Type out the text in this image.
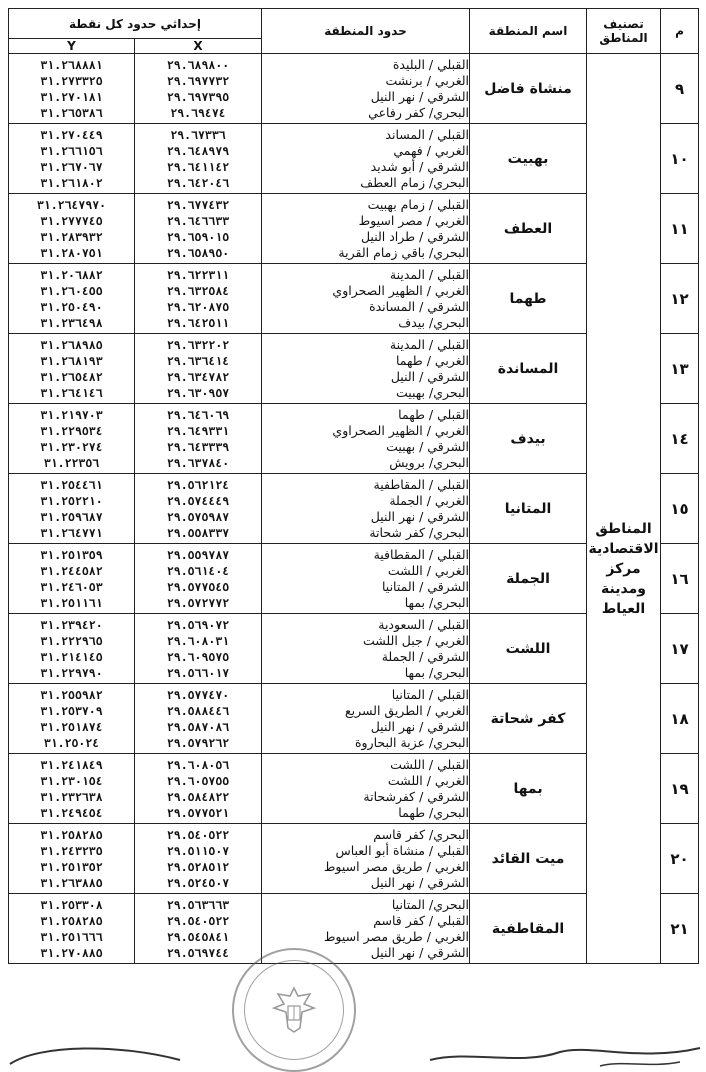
م	تصنيف المناطق	اسم المنطقة	حدود المنطقة	إحداثي حدود كل نقطة	
				X	Y
٩	المناطق الاقتصادية مركز ومدينة العياط	منشاة فاضل	القبلي / البليدة
الغربي / برنشت
الشرقي / نهر النيل
البحري/ كفر رفاعي	٢٩.٦٨٩٨٠٠
٢٩.٦٩٧٧٣٢
٢٩.٦٩٧٣٩٥
٢٩.٦٩٤٧٤	٣١.٢٦٨٨٨١
٣١.٢٧٣٣٢٥
٣١.٢٧٠١٨١
٣١.٢٦٥٣٨٦

١٠		بهبيت	القبلي / المساند
الغربي / فهمي
الشرقي / أبو شديد
البحري/ زمام العطف	٢٩.٦٧٣٣٦
٢٩.٦٤٨٩٧٩
٢٩.٦٤١١٤٢
٢٩.٦٤٢٠٤٦	٣١.٢٧٠٤٤٩
٣١.٢٦٦١٥٦
٣١.٢٦٧٠٦٧
٣١.٢٦١٨٠٢

١١		العطف	القبلي / زمام بهبيت
الغربي / مصر اسيوط
الشرقي / طراد النيل
البحري/ باقي زمام القرية	٢٩.٦٧٧٤٣٢
٢٩.٦٤٦٦٣٣
٢٩.٦٥٩٠١٥
٢٩.٦٥٨٩٥٠	٣١.٢٦٤٧٩٧٠
٣١.٢٧٧٧٤٥
٣١.٢٨٣٩٣٢
٣١.٢٨٠٧٥١

١٢		طهما	القبلي / المدينة
الغربي / الظهير الصحراوي
الشرقي / المساندة
البحري/ بيدف	٢٩.٦٢٢٣١١
٢٩.٦٣٢٥٨٤
٢٩.٦٢٠٨٧٥
٢٩.٦٤٢٥١١	٣١.٢٠٦٨٨٢
٣١.٢٦٠٤٥٥
٣١.٢٥٠٤٩٠
٣١.٢٣٦٤٩٨

١٣		المساندة	القبلي / المدينة
الغربي / طهما
الشرقي / النيل
البحري/ بهبيت	٢٩.٦٣٢٢٠٢
٢٩.٦٣٦٤١٤
٢٩.٦٣٤٧٨٢
٢٩.٦٣٠٩٥٧	٣١.٢٦٨٩٨٥
٣١.٢٦٨١٩٣
٣١.٢٦٥٤٨٢
٣١.٢٦٤١٤٦

١٤		بيدف	القبلي / طهما
الغربي / الظهير الصحراوي
الشرقي / بهبيت
البحري/ برويش	٢٩.٦٤٦٠٦٩
٢٩.٦٤٩٣٣١
٢٩.٦٤٣٣٣٩
٢٩.٦٣٧٨٤٠	٣١.٢١٩٧٠٣
٣١.٢٢٩٥٣٤
٣١.٢٣٠٢٧٤
٣١.٢٢٣٥٦

١٥		المتانيا	القبلي / المقاطفية
الغربي / الجملة
الشرقي / نهر النيل
البحري/ كفر شحاتة	٢٩.٥٦٢١٢٤
٢٩.٥٧٤٤٤٩
٢٩.٥٧٥٩٨٧
٢٩.٥٥٨٣٣٧	٣١.٢٥٤٤٦١
٣١.٢٥٢٢١٠
٣١.٢٥٩٦٨٧
٣١.٢٦٤٧٧١

١٦		الجملة	القبلي / المقطافية
الغربي / اللشت
الشرقي / المتانيا
البحري/ بمها	٢٩.٥٥٩٧٨٧
٢٩.٥٦١٤٠٤
٢٩.٥٧٧٥٤٥
٢٩.٥٧٢٧٧٢	٣١.٢٥١٣٥٩
٣١.٢٤٤٥٨٢
٣١.٢٤٦٠٥٣
٣١.٢٥١١٦١

١٧		اللشت	القبلي / السعودية
الغربي / جبل اللشت
الشرقي / الجملة
البحري/ بمها	٢٩.٥٦٩٠٧٢
٢٩.٦٠٨٠٣١
٢٩.٦٠٩٥٧٥
٢٩.٥٦٦٠١٧	٣١.٢٣٩٤٢٠
٣١.٢٢٢٩٦٥
٣١.٢١٤١٤٥
٣١.٢٢٩٧٩٠

١٨		كفر شحاتة	القبلي / المتانيا
الغربي / الطريق السريع
الشرقي / نهر النيل
البحري/ عزبة البحاروة	٢٩.٥٧٧٤٧٠
٢٩.٥٨٨٤٤٦
٢٩.٥٨٧٠٨٦
٢٩.٥٧٩٢٦٢	٣١.٢٥٥٩٨٢
٣١.٢٥٣٧٠٩
٣١.٢٥١٨٧٤
٣١.٢٥٠٢٤

١٩		بمها	القبلي / اللشت
الغربي / اللشت
الشرقي / كفرشحاتة
البحري/ طهما	٢٩.٦٠٨٠٥٦
٢٩.٦٠٥٧٥٥
٢٩.٥٨٤٨٢٢
٢٩.٥٧٧٥٢١	٣١.٢٤١٨٤٩
٣١.٢٣٠١٥٤
٣١.٢٣٢٦٣٨
٣١.٢٤٩٤٥٤

٢٠		ميت القائد	البحري/ كفر قاسم
القبلي / منشاة أبو العباس
الغربي / طريق مصر اسيوط
الشرقي / نهر النيل	٢٩.٥٤٠٥٢٢
٢٩.٥١١٥٠٧
٢٩.٥٢٨٥١٢
٢٩.٥٢٤٥٠٧	٣١.٢٥٨٢٨٥
٣١.٢٤٣٢٣٥
٣١.٢٥١٣٥٢
٣١.٢٦٣٨٨٥

٢١		المقاطفية	البحري/ المتانيا
القبلي / كفر قاسم
الغربي / طريق مصر اسيوط
الشرقي / نهر النيل	٢٩.٥٦٣٦٦٣
٢٩.٥٤٠٥٢٢
٢٩.٥٤٥٨٤١
٢٩.٥٦٩٧٤٤	٣١.٢٥٣٣٠٨
٣١.٢٥٨٢٨٥
٣١.٢٥١٦٦٦
٣١.٢٧٠٨٨٥
